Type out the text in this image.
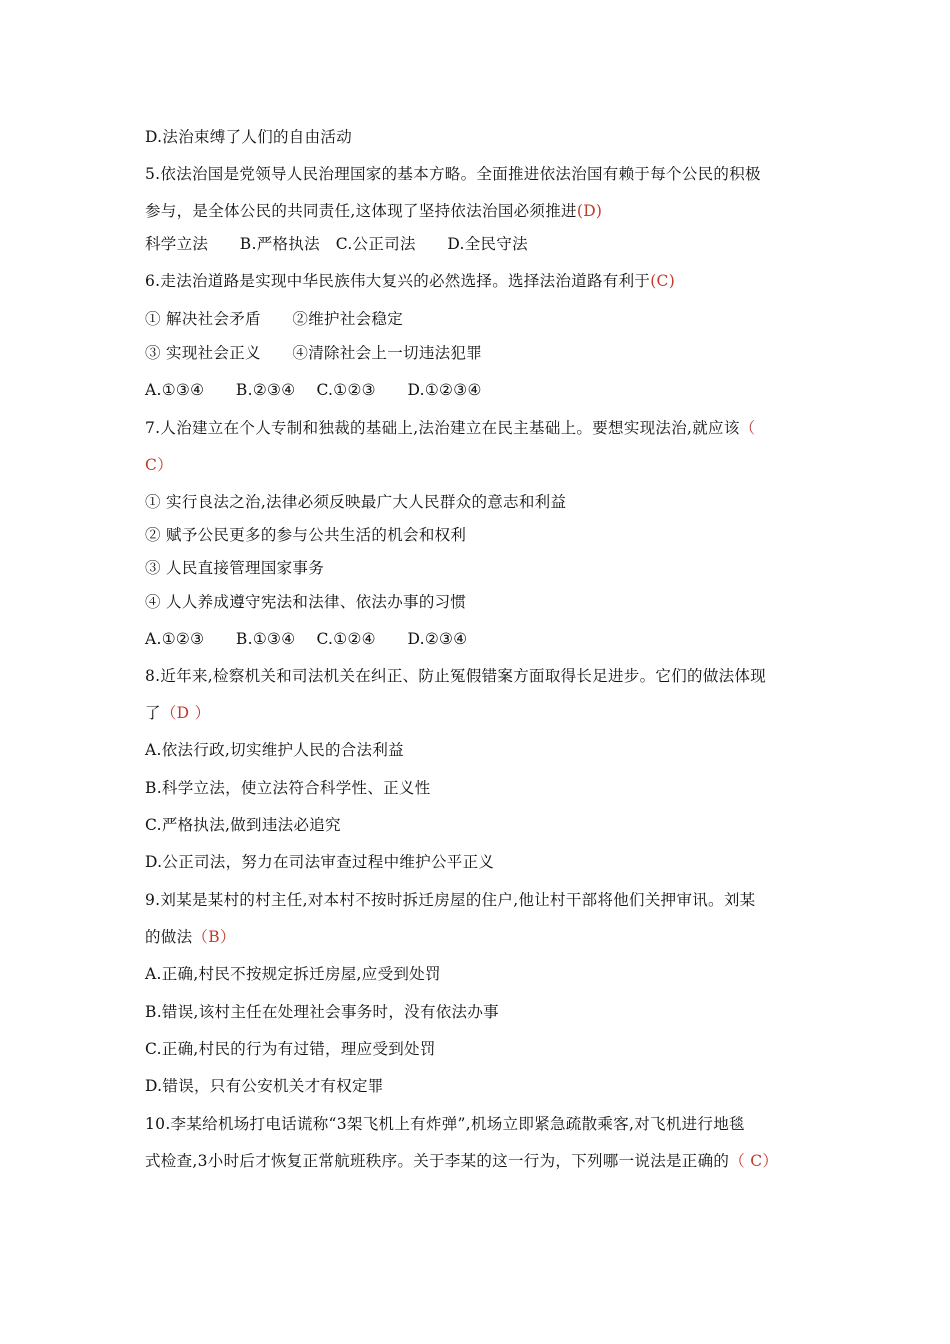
D.法治束缚了人们的自由活动
5.依法治国是党领导人民治理国家的基本方略。全面推进依法治国有赖于每个公民的积极
参与，是全体公民的共同责任,这体现了坚持依法治国必须推进(D)
科学立法　　B.严格执法　C.公正司法　　D.全民守法
6.走法治道路是实现中华民族伟大复兴的必然选择。选择法治道路有利于(C)
① 解决社会矛盾　　②维护社会稳定
③ 实现社会正义　　④清除社会上一切违法犯罪
A.①③④　　B.②③④　 C.①②③　　D.①②③④
7.人治建立在个人专制和独裁的基础上,法治建立在民主基础上。要想实现法治,就应该（
C）
① 实行良法之治,法律必须反映最广大人民群众的意志和利益
② 赋予公民更多的参与公共生活的机会和权利
③ 人民直接管理国家事务
④ 人人养成遵守宪法和法律、依法办事的习惯
A.①②③　　B.①③④　 C.①②④　　D.②③④
8.近年来,检察机关和司法机关在纠正、防止冤假错案方面取得长足进步。它们的做法体现
了（D ）
A.依法行政,切实维护人民的合法利益
B.科学立法，使立法符合科学性、正义性
C.严格执法,做到违法必追究
D.公正司法，努力在司法审查过程中维护公平正义
9.刘某是某村的村主任,对本村不按时拆迁房屋的住户,他让村干部将他们关押审讯。刘某
的做法（B）
A.正确,村民不按规定拆迁房屋,应受到处罚
B.错误,该村主任在处理社会事务时，没有依法办事
C.正确,村民的行为有过错，理应受到处罚
D.错误，只有公安机关才有权定罪
10.李某给机场打电话谎称“3架飞机上有炸弹”,机场立即紧急疏散乘客,对飞机进行地毯
式检查,3小时后才恢复正常航班秩序。关于李某的这一行为，下列哪一说法是正确的（ C）
